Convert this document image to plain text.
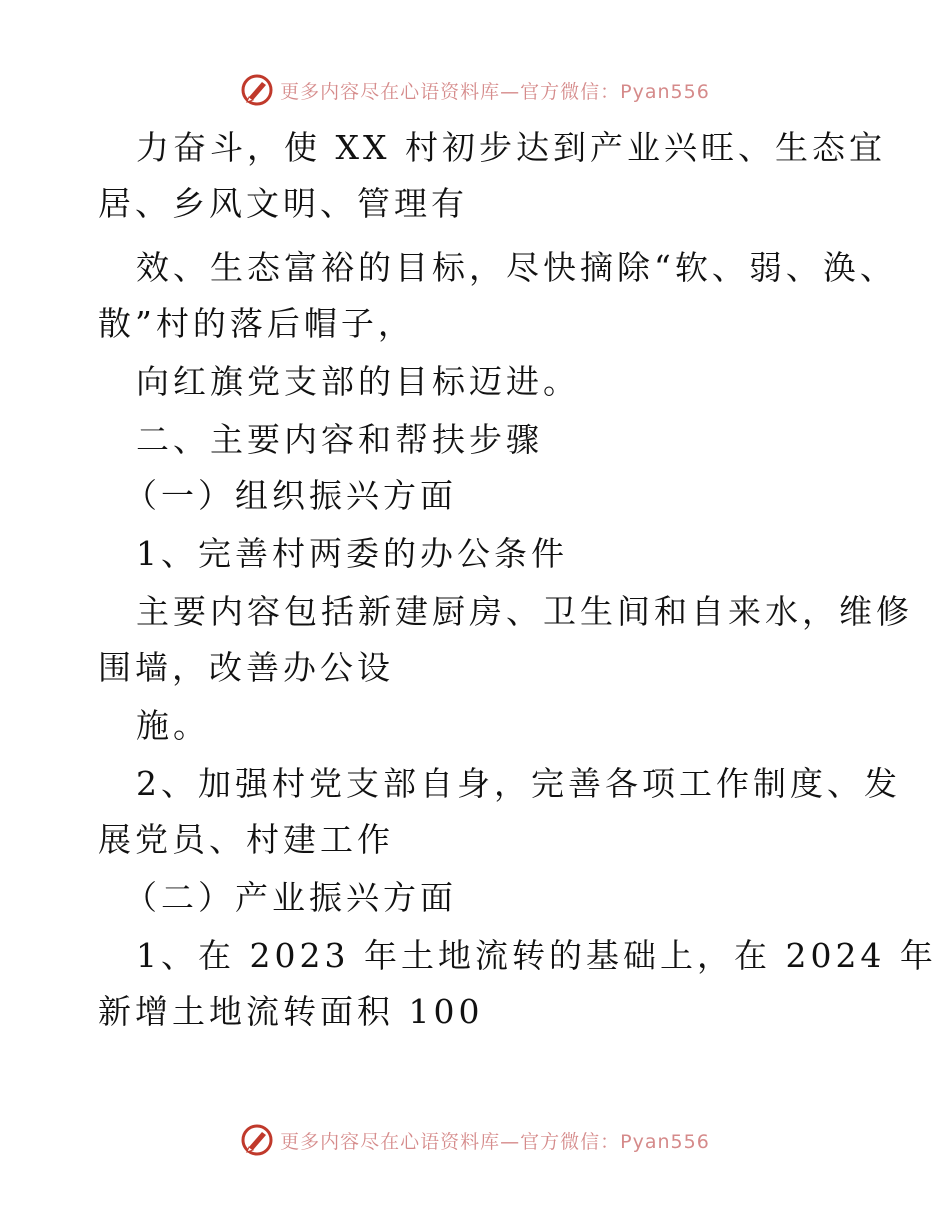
更多内容尽在心语资料库—官方微信：Pyan556
力奋斗，使 XX 村初步达到产业兴旺、生态宜
居、乡风文明、管理有
效、生态富裕的目标，尽快摘除“软、弱、涣、
散”村的落后帽子，
向红旗党支部的目标迈进。
二、主要内容和帮扶步骤
（一）组织振兴方面
1、完善村两委的办公条件
主要内容包括新建厨房、卫生间和自来水，维修
围墙，改善办公设
施。
2、加强村党支部自身，完善各项工作制度、发
展党员、村建工作
（二）产业振兴方面
1、在 2023 年土地流转的基础上，在 2024 年
新增土地流转面积 100
更多内容尽在心语资料库—官方微信：Pyan556
